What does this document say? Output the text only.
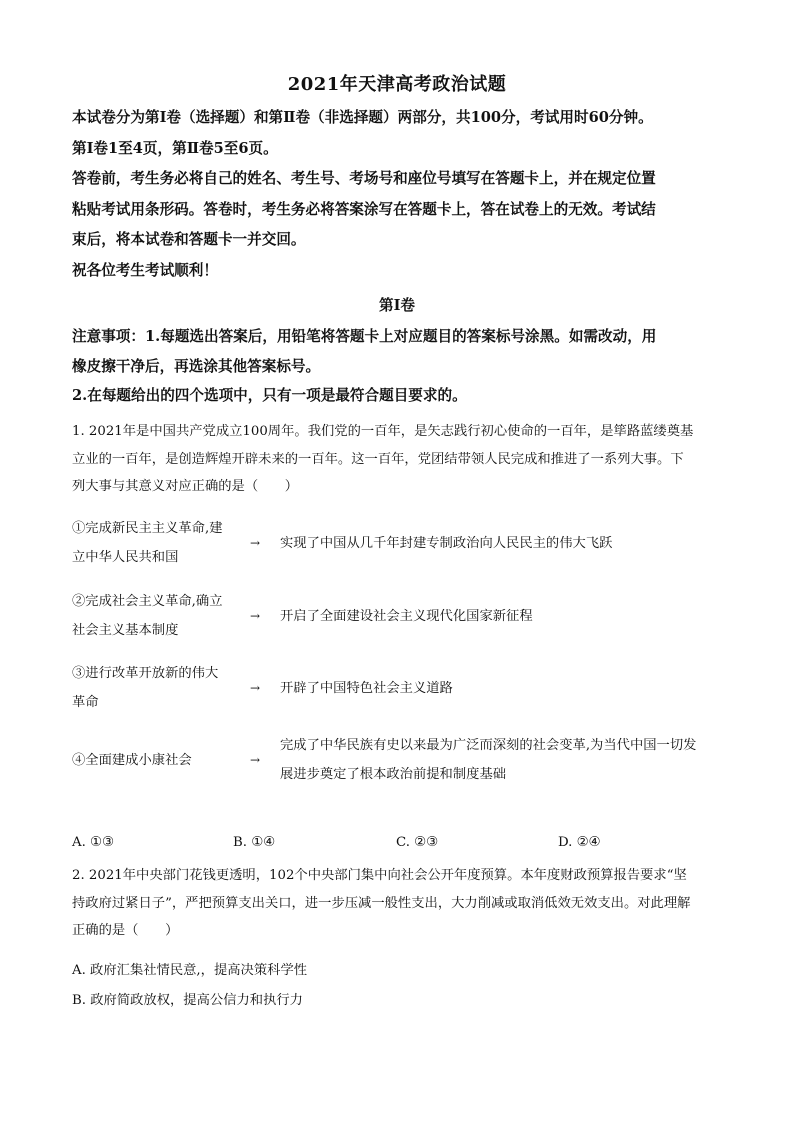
2021年天津高考政治试题

本试卷分为第Ⅰ卷（选择题）和第Ⅱ卷（非选择题）两部分，共100分，考试用时60分钟。

第Ⅰ卷1至4页，第Ⅱ卷5至6页。

答卷前，考生务必将自己的姓名、考生号、考场号和座位号填写在答题卡上，并在规定位置

粘贴考试用条形码。答卷时，考生务必将答案涂写在答题卡上，答在试卷上的无效。考试结

束后，将本试卷和答题卡一并交回。

祝各位考生考试顺利！

第Ⅰ卷

注意事项：1.每题选出答案后，用铅笔将答题卡上对应题目的答案标号涂黑。如需改动，用

橡皮擦干净后，再选涂其他答案标号。

2.在每题给出的四个选项中，只有一项是最符合题目要求的。

1. 2021年是中国共产党成立100周年。我们党的一百年，是矢志践行初心使命的一百年，是筚路蓝缕奠基

立业的一百年，是创造辉煌开辟未来的一百年。这一百年，党团结带领人民完成和推进了一系列大事。下

列大事与其意义对应正确的是（　　）

①完成新民主主义革命,建

立中华人民共和国

→	实现了中国从几千年封建专制政治向人民民主的伟大飞跃

②完成社会主义革命,确立

社会主义基本制度

→	开启了全面建设社会主义现代化国家新征程

③进行改革开放新的伟大

革命

→	开辟了中国特色社会主义道路

④全面建成小康社会	→

完成了中华民族有史以来最为广泛而深刻的社会变革,为当代中国一切发

展进步奠定了根本政治前提和制度基础

A. ①③	B. ①④	C. ②③	D. ②④

2. 2021年中央部门花钱更透明，102个中央部门集中向社会公开年度预算。本年度财政预算报告要求“坚

持政府过紧日子”，严把预算支出关口，进一步压减一般性支出，大力削减或取消低效无效支出。对此理解

正确的是（　　）

A. 政府汇集社情民意,，提高决策科学性

B. 政府简政放权，提高公信力和执行力
